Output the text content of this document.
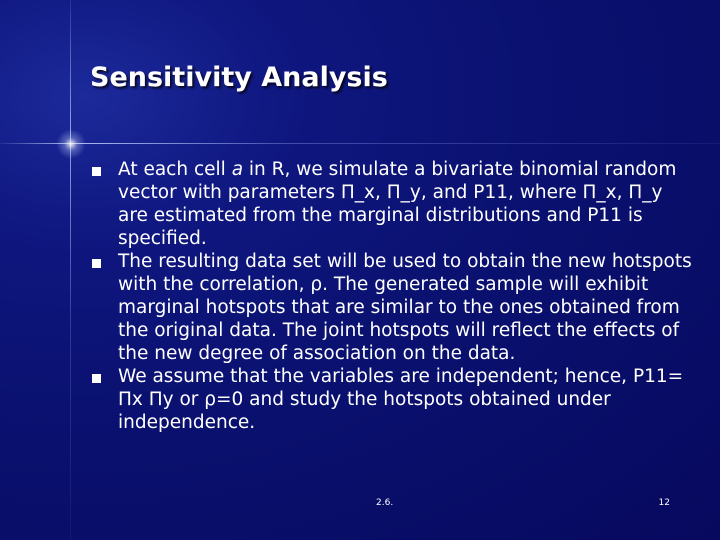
Sensitivity Analysis
At each cell a in R, we simulate a bivariate binomial random vector with parameters Π_x, Π_y, and P11, where Π_x, Π_y are estimated from the marginal distributions and P11 is specified.
The resulting data set will be used to obtain the new hotspots with the correlation, ρ. The generated sample will exhibit marginal hotspots that are similar to the ones obtained from the original data. The joint hotspots will reflect the effects of the new degree of association on the data.
We assume that the variables are independent; hence, P11= Πx Πy or ρ=0 and study the hotspots obtained under independence.
2.6.	12
